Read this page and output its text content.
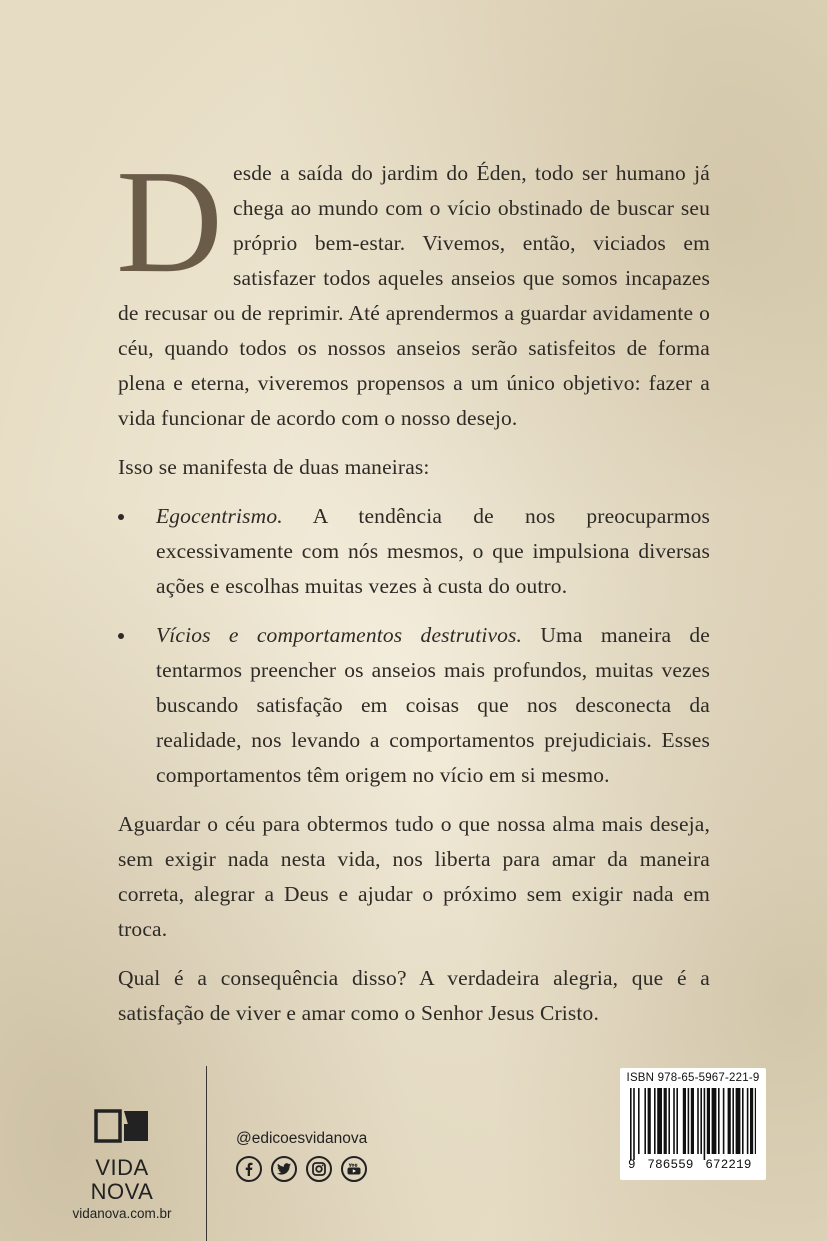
Desde a saída do jardim do Éden, todo ser humano já chega ao mundo com o vício obstinado de buscar seu próprio bem-estar. Vivemos, então, viciados em satisfazer todos aqueles anseios que somos incapazes de recusar ou de reprimir. Até aprendermos a guardar avidamente o céu, quando todos os nossos anseios serão satisfeitos de forma plena e eterna, viveremos propensos a um único objetivo: fazer a vida funcionar de acordo com o nosso desejo.

Isso se manifesta de duas maneiras:

Egocentrismo. A tendência de nos preocuparmos excessivamente com nós mesmos, o que impulsiona diversas ações e escolhas muitas vezes à custa do outro.
Vícios e comportamentos destrutivos. Uma maneira de tentarmos preencher os anseios mais profundos, muitas vezes buscando satisfação em coisas que nos desconecta da realidade, nos levando a comportamentos prejudiciais. Esses comportamentos têm origem no vício em si mesmo.

Aguardar o céu para obtermos tudo o que nossa alma mais deseja, sem exigir nada nesta vida, nos liberta para amar da maneira correta, alegrar a Deus e ajudar o próximo sem exigir nada em troca.

Qual é a consequência disso? A verdadeira alegria, que é a satisfação de viver e amar como o Senhor Jesus Cristo.

VIDA NOVA
vidanova.com.br
@edicoesvidanova
ISBN 978-65-5967-221-9
9 786559 672219
